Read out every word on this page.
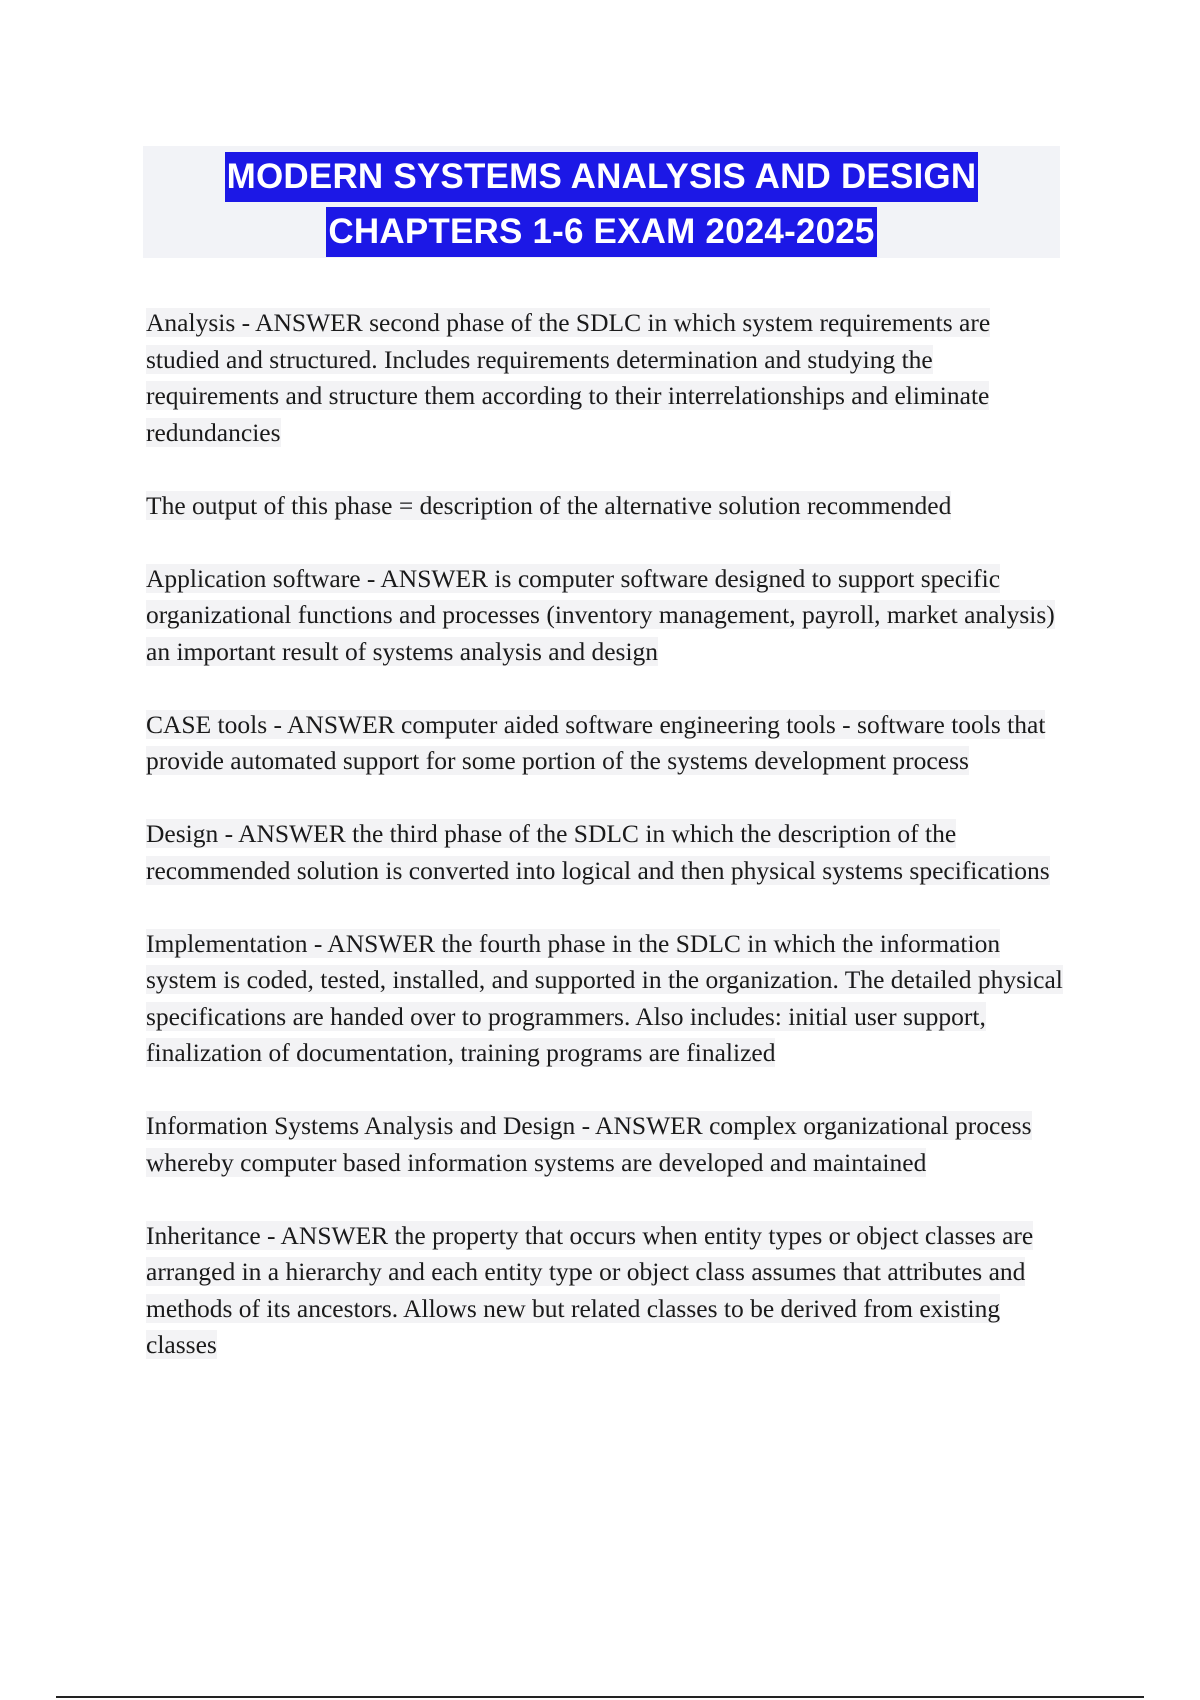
MODERN SYSTEMS ANALYSIS AND DESIGN
CHAPTERS 1-6 EXAM 2024-2025

Analysis - ANSWER second phase of the SDLC in which system requirements are studied and structured. Includes requirements determination and studying the requirements and structure them according to their interrelationships and eliminate redundancies

The output of this phase = description of the alternative solution recommended

Application software - ANSWER is computer software designed to support specific organizational functions and processes (inventory management, payroll, market analysis)

an important result of systems analysis and design

CASE tools - ANSWER computer aided software engineering tools - software tools that provide automated support for some portion of the systems development process

Design - ANSWER the third phase of the SDLC in which the description of the recommended solution is converted into logical and then physical systems specifications

Implementation - ANSWER the fourth phase in the SDLC in which the information system is coded, tested, installed, and supported in the organization. The detailed physical specifications are handed over to programmers. Also includes: initial user support, finalization of documentation, training programs are finalized

Information Systems Analysis and Design - ANSWER complex organizational process whereby computer based information systems are developed and maintained

Inheritance - ANSWER the property that occurs when entity types or object classes are arranged in a hierarchy and each entity type or object class assumes that attributes and methods of its ancestors. Allows new but related classes to be derived from existing classes
